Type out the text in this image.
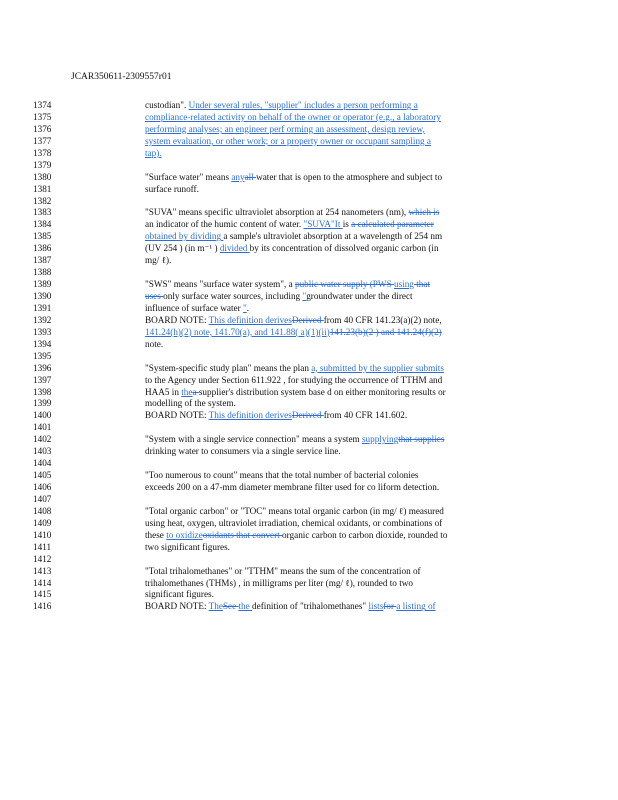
JCAR350611-2309557r01
1374
1375
1376
1377
1378
1379
1380
1381
1382
1383
1384
1385
1386
1387
1388
1389
1390
1391
1392
1393
1394
1395
1396
1397
1398
1399
1400
1401
1402
1403
1404
1405
1406
1407
1408
1409
1410
1411
1412
1413
1414
1415
1416
custodian". Under several rules, "supplier" includes a person performing a
compliance-related activity on behalf of the owner or operator (e.g., a laboratory
performing analyses; an engineer perf orming an assessment, design review,
system evaluation, or other work; or a property owner or occupant sampling a
tap).
"Surface water" means anyall water that is open to the atmosphere and subject to
surface runoff.
"SUVA" means specific ultraviolet absorption at 254 nanometers (nm), which is
an indicator of the humic content of water. "SUVA"It is a calculated parameter
obtained by dividing a sample's ultraviolet absorption at a wavelength of 254 nm
(UV 254 ) (in m⁻¹ ) divided by its concentration of dissolved organic carbon (in
mg/ ℓ).
"SWS" means "surface water system", a public water supply (PWS using that
uses only surface water sources, including "groundwater under the direct
influence of surface water ".
BOARD NOTE: This definition derivesDerived from 40 CFR 141.23(a)(2) note,
141.24(h)(2) note, 141.70(a), and 141.88( a)(1)(ii)141.23(b)(2 ) and 141.24(f)(2)
note.
"System-specific study plan" means the plan a, submitted by the supplier submits
to the Agency under Section 611.922 , for studying the occurrence of TTHM and
HAA5 in thea supplier's distribution system base d on either monitoring results or
modelling of the system.
BOARD NOTE: This definition derivesDerived from 40 CFR 141.602.
"System with a single service connection" means a system supplyingthat supplies
drinking water to consumers via a single service line.
"Too numerous to count" means that the total number of bacterial colonies
exceeds 200 on a 47-mm diameter membrane filter used for co liform detection.
"Total organic carbon" or "TOC" means total organic carbon (in mg/ ℓ) measured
using heat, oxygen, ultraviolet irradiation, chemical oxidants, or combinations of
these to oxidizeoxidants that convert organic carbon to carbon dioxide, rounded to
two significant figures.
"Total trihalomethanes" or "TTHM" means the sum of the concentration of
trihalomethanes (THMs) , in milligrams per liter (mg/ ℓ), rounded to two
significant figures.
BOARD NOTE: TheSee the definition of "trihalomethanes" listsfor a listing of
